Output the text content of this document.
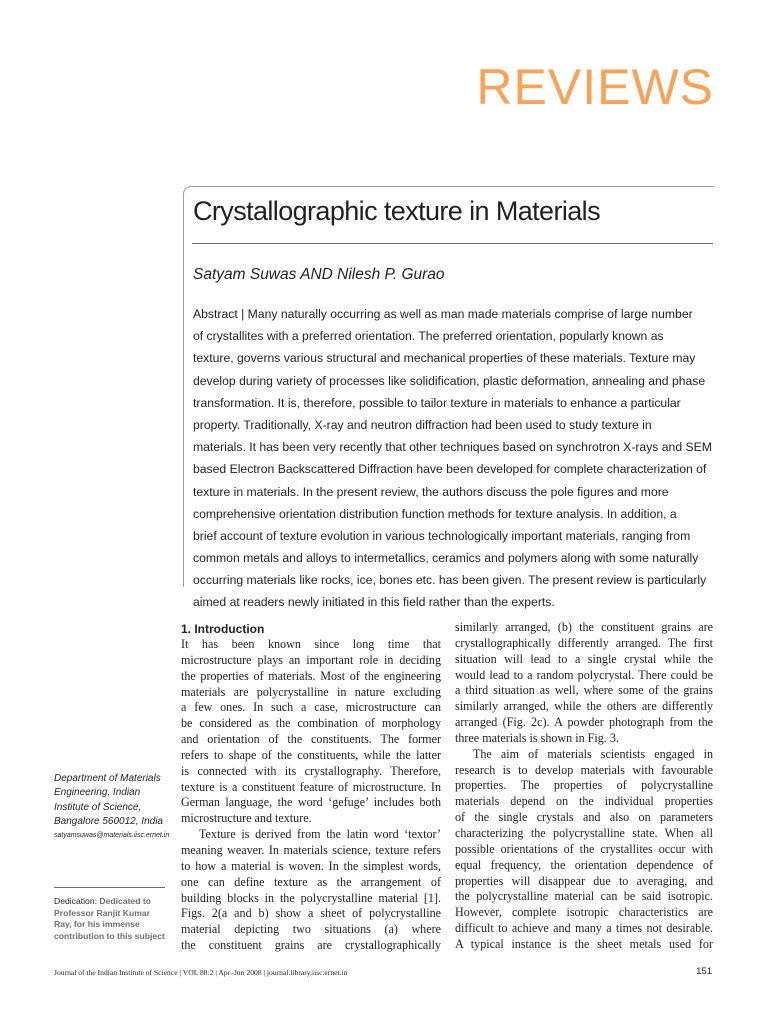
REVIEWS
Crystallographic texture in Materials
Satyam Suwas AND Nilesh P. Gurao
Abstract | Many naturally occurring as well as man made materials comprise of large number
of crystallites with a preferred orientation. The preferred orientation, popularly known as
texture, governs various structural and mechanical properties of these materials. Texture may
develop during variety of processes like solidification, plastic deformation, annealing and phase
transformation. It is, therefore, possible to tailor texture in materials to enhance a particular
property. Traditionally, X-ray and neutron diffraction had been used to study texture in
materials. It has been very recently that other techniques based on synchrotron X-rays and SEM
based Electron Backscattered Diffraction have been developed for complete characterization of
texture in materials. In the present review, the authors discuss the pole figures and more
comprehensive orientation distribution function methods for texture analysis. In addition, a
brief account of texture evolution in various technologically important materials, ranging from
common metals and alloys to intermetallics, ceramics and polymers along with some naturally
occurring materials like rocks, ice, bones etc. has been given. The present review is particularly
aimed at readers newly initiated in this field rather than the experts.
Department of Materials
Engineering, Indian
Institute of Science,
Bangalore 560012, India
satyamsuwas@materials.iisc.ernet.in
Dedication: Dedicated to
Professor Ranjit Kumar
Ray, for his immense
contribution to this subject
1. Introduction
It has been known since long time that
microstructure plays an important role in deciding
the properties of materials. Most of the engineering
materials are polycrystalline in nature excluding
a few ones. In such a case, microstructure can
be considered as the combination of morphology
and orientation of the constituents. The former
refers to shape of the constituents, while the latter
is connected with its crystallography. Therefore,
texture is a constituent feature of microstructure. In
German language, the word ‘gefuge’ includes both
microstructure and texture.
Texture is derived from the latin word ‘textor’
meaning weaver. In materials science, texture refers
to how a material is woven. In the simplest words,
one can define texture as the arrangement of
building blocks in the polycrystalline material [1].
Figs. 2(a and b) show a sheet of polycrystalline
material depicting two situations (a) where
the constituent grains are crystallographically
similarly arranged, (b) the constituent grains are
crystallographically differently arranged. The first
situation will lead to a single crystal while the
would lead to a random polycrystal. There could be
a third situation as well, where some of the grains
similarly arranged, while the others are differently
arranged (Fig. 2c). A powder photograph from the
three materials is shown in Fig. 3.
The aim of materials scientists engaged in
research is to develop materials with favourable
properties. The properties of polycrystalline
materials depend on the individual properties
of the single crystals and also on parameters
characterizing the polycrystalline state. When all
possible orientations of the crystallites occur with
equal frequency, the orientation dependence of
properties will disappear due to averaging, and
the polycrystalline material can be said isotropic.
However, complete isotropic characteristics are
difficult to achieve and many a times not desirable.
A typical instance is the sheet metals used for
Journal of the Indian Institute of Science | VOL 88:2 | Apr–Jun 2008 | journal.library.iisc.ernet.in	151
